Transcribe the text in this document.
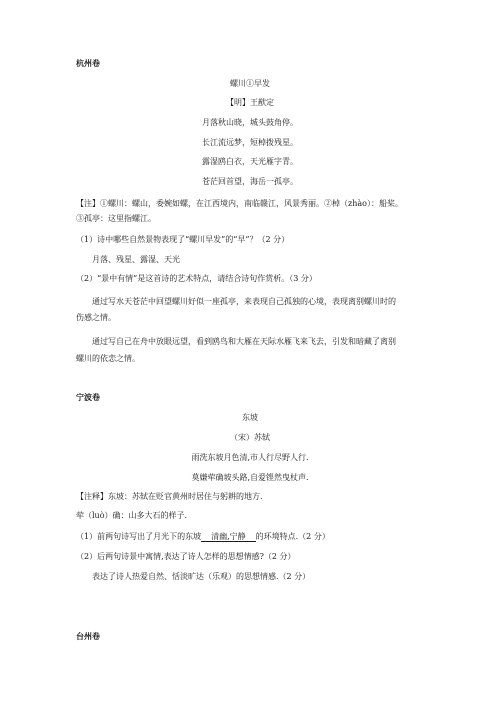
杭州卷
螺川①早发
【明】王猷定
月落秋山晓，城头鼓角停。
长江流远梦，短棹拨残星。
露湿鸥白衣，天光雁字青。
苍茫回首望，海岳一孤亭。
【注】①螺川：螺山，委婉如螺，在江西境内，南临赣江，风景秀丽。②棹（zhào）：船桨。
③孤亭：这里指螺江。
（1）诗中哪些自然景物表现了“螺川早发”的“早”？（2 分）
月落、残星、露湿、天光
（2）“景中有情”是这首诗的艺术特点，请结合诗句作赏析。（3 分）
通过写水天苍茫中回望螺川好似一座孤亭，来表现自己孤独的心境，表现离别螺川时的
伤感之情。
通过写自己在舟中放眼远望，看到鸥鸟和大雁在天际水雁飞来飞去，引发和暗藏了离别
螺川的依恋之情。
宁波卷
东坡
（宋）苏轼
雨洗东坡月色清,市人行尽野人行.
莫嫌荦确坡头路,自爱铿然曳杖声.
【注释】东坡：苏轼在贬官黄州时居住与躬耕的地方.
荦（luò）确：山多大石的样子.
（1）前两句诗写出了月光下的东坡 清幽,宁静 的环境特点.（2 分）
（2）后两句诗景中寓情,表达了诗人怎样的思想情感?（2 分）
表达了诗人热爱自然、恬淡旷达（乐观）的思想情感.（2 分）
台州卷
